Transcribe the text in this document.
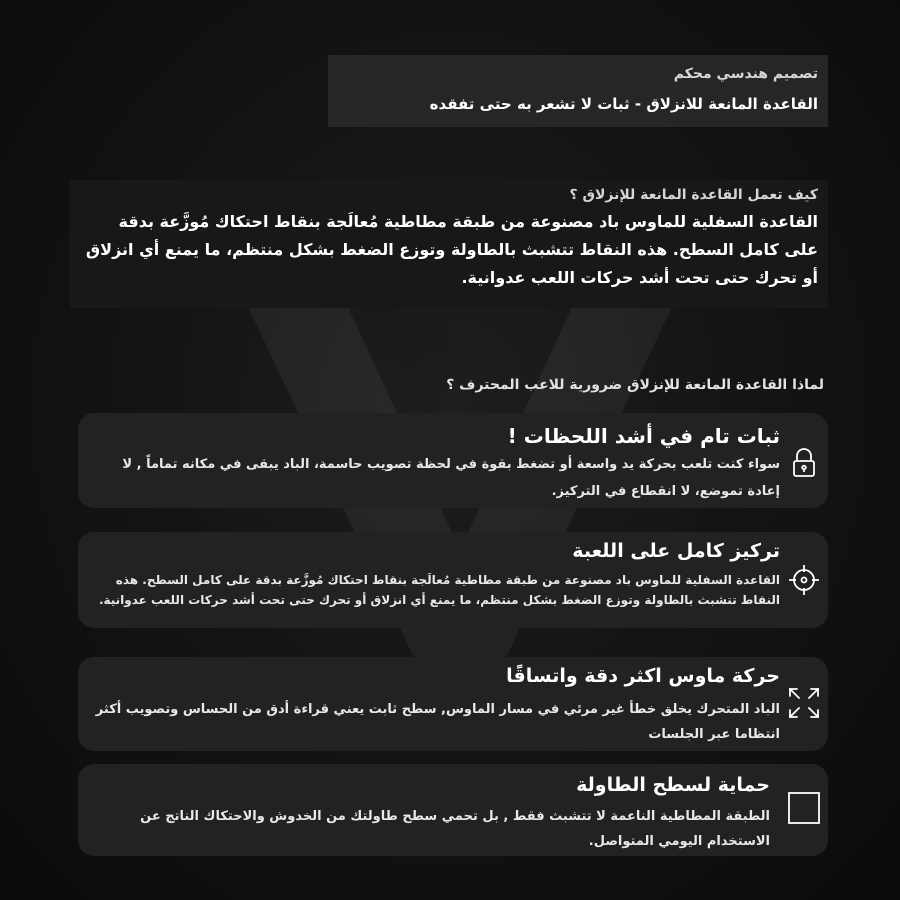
تصميم هندسي محكم
القاعدة المانعة للانزلاق - ثبات لا تشعر به حتى تفقده
كيف تعمل القاعدة المانعة للإنزلاق ؟
القاعدة السفلية للماوس باد مصنوعة من طبقة مطاطية مُعالَجة بنقاط احتكاك مُوزَّعة بدقة على كامل السطح. هذه النقاط تتشبث بالطاولة وتوزع الضغط بشكل منتظم، ما يمنع أي انزلاق أو تحرك حتى تحت أشد حركات اللعب عدوانية.
لماذا القاعدة المانعة للإنزلاق ضرورية للاعب المحترف ؟
ثبات تام في أشد اللحظات !
سواء كنت تلعب بحركة يد واسعة أو تضغط بقوة في لحظة تصويب حاسمة، الباد يبقى في مكانه تماماً , لا إعادة تموضع، لا انقطاع في التركيز.
تركيز كامل على اللعبة
القاعدة السفلية للماوس باد مصنوعة من طبقة مطاطية مُعالَجة بنقاط احتكاك مُوزَّعة بدقة على كامل السطح. هذه النقاط تتشبث بالطاولة وتوزع الضغط بشكل منتظم، ما يمنع أي انزلاق أو تحرك حتى تحت أشد حركات اللعب عدوانية.
حركة ماوس اكثر دقة واتساقًا
الباد المتحرك يخلق خطأ غير مرئي في مسار الماوس, سطح ثابت يعني قراءة أدق من الحساس وتصويب أكثر انتظاما عبر الجلسات
حماية لسطح الطاولة
الطبقة المطاطية الناعمة لا تتشبث فقط , بل تحمي سطح طاولتك من الخدوش والاحتكاك الناتج عن الاستخدام اليومي المتواصل.
